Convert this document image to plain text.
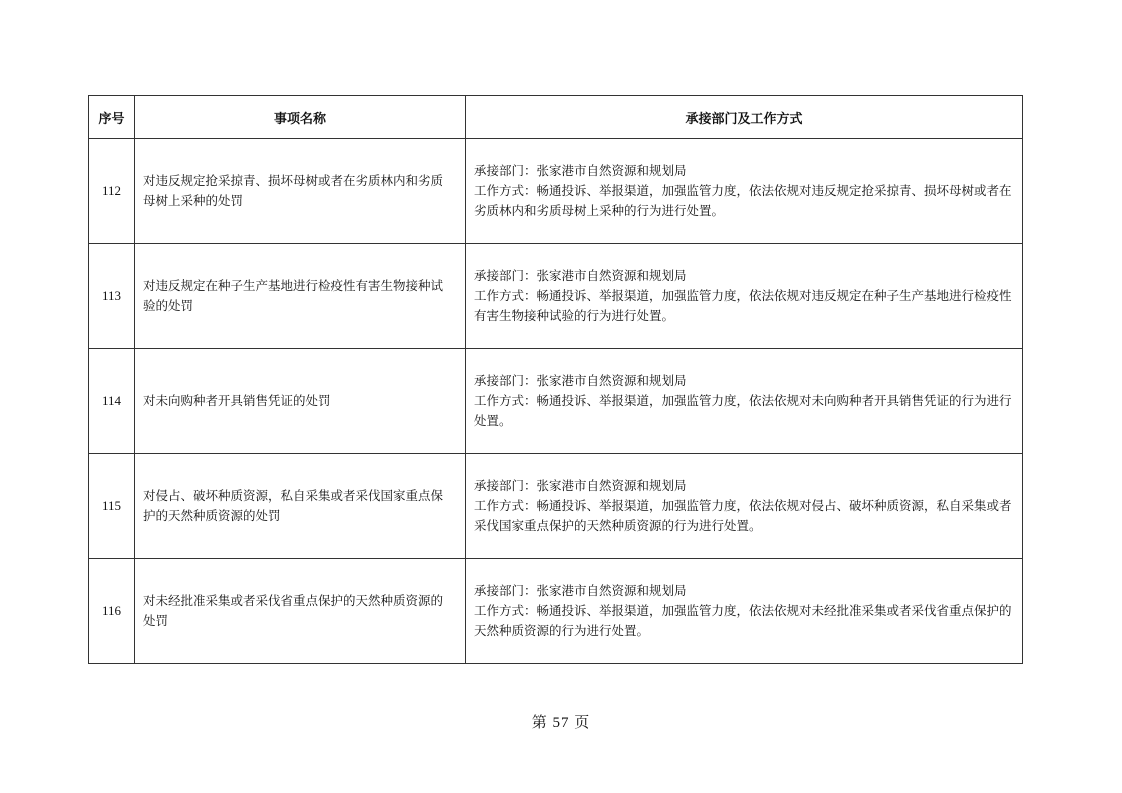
序号	事项名称	承接部门及工作方式
112	对违反规定抢采掠青、损坏母树或者在劣质林内和劣质母树上采种的处罚	承接部门：张家港市自然资源和规划局
工作方式：畅通投诉、举报渠道，加强监管力度，依法依规对违反规定抢采掠青、损坏母树或者在劣质林内和劣质母树上采种的行为进行处置。

113	对违反规定在种子生产基地进行检疫性有害生物接种试验的处罚	承接部门：张家港市自然资源和规划局
工作方式：畅通投诉、举报渠道，加强监管力度，依法依规对违反规定在种子生产基地进行检疫性有害生物接种试验的行为进行处置。

114	对未向购种者开具销售凭证的处罚	承接部门：张家港市自然资源和规划局
工作方式：畅通投诉、举报渠道，加强监管力度，依法依规对未向购种者开具销售凭证的行为进行处置。

115	对侵占、破坏种质资源，私自采集或者采伐国家重点保护的天然种质资源的处罚	承接部门：张家港市自然资源和规划局
工作方式：畅通投诉、举报渠道，加强监管力度，依法依规对侵占、破坏种质资源，私自采集或者采伐国家重点保护的天然种质资源的行为进行处置。

116	对未经批准采集或者采伐省重点保护的天然种质资源的处罚	承接部门：张家港市自然资源和规划局
工作方式：畅通投诉、举报渠道，加强监管力度，依法依规对未经批准采集或者采伐省重点保护的天然种质资源的行为进行处置。
第 57 页
